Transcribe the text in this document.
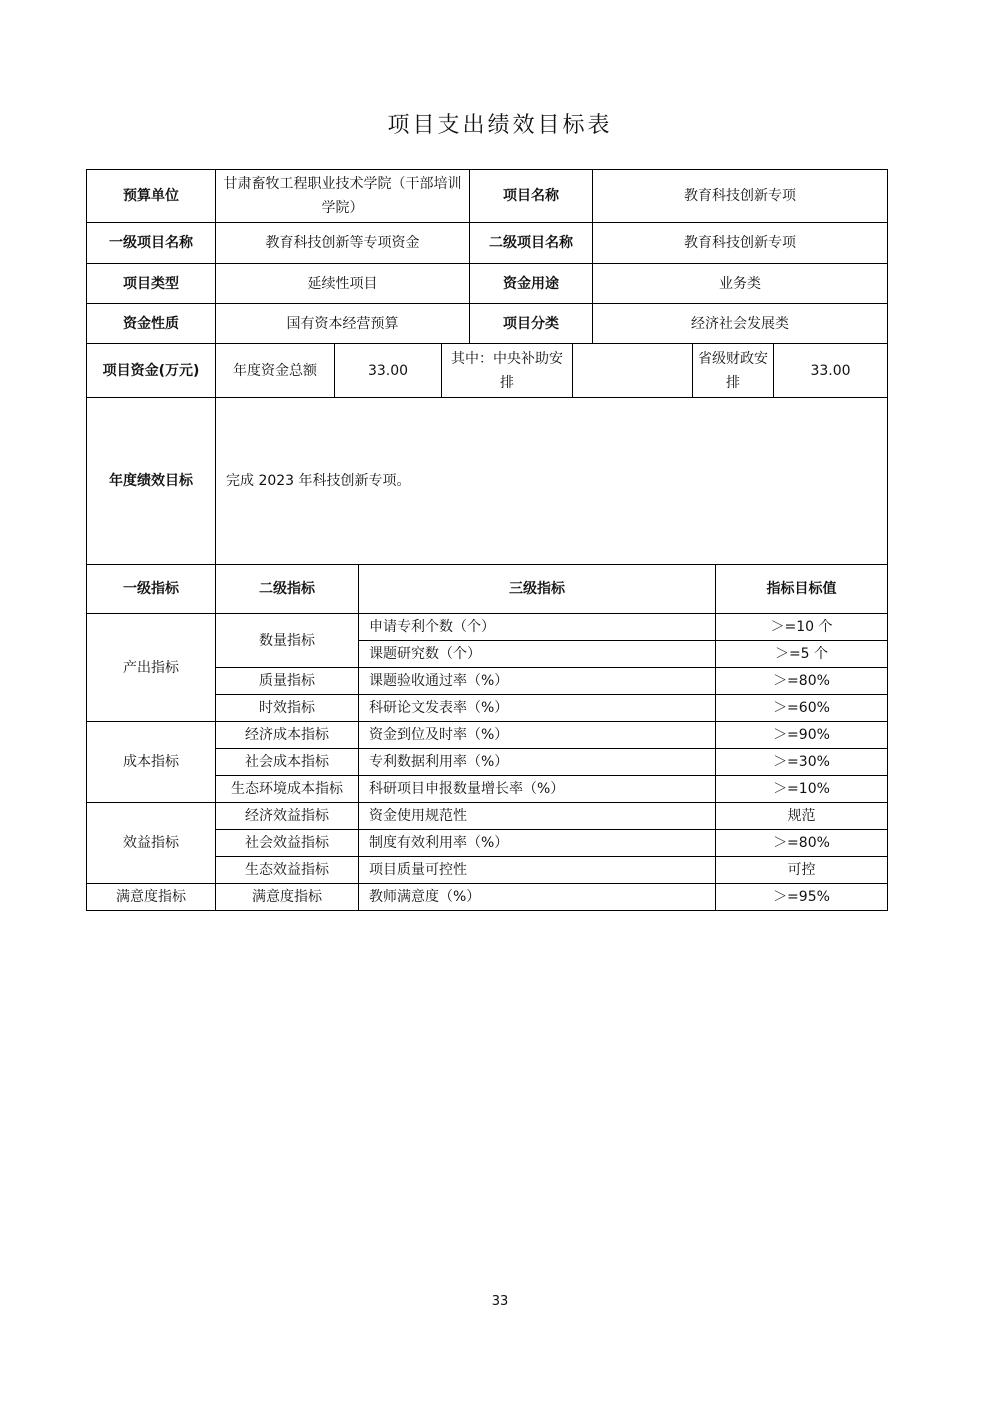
项目支出绩效目标表
预算单位	甘肃畜牧工程职业技术学院（干部培训学院）	项目名称	教育科技创新专项
一级项目名称	教育科技创新等专项资金	二级项目名称	教育科技创新专项
项目类型	延续性项目	资金用途	业务类
资金性质	国有资本经营预算	项目分类	经济社会发展类
项目资金(万元)	年度资金总额	33.00	其中：中央补助安排		省级财政安排	33.00
年度绩效目标	完成 2023 年科技创新专项。					
一级指标	二级指标	三级指标	指标目标值
产出指标	数量指标	申请专利个数（个）	＞=10 个
		课题研究数（个）	＞=5 个
	质量指标	课题验收通过率（%）	＞=80%
	时效指标	科研论文发表率（%）	＞=60%
成本指标	经济成本指标	资金到位及时率（%）	＞=90%
	社会成本指标	专利数据利用率（%）	＞=30%
	生态环境成本指标	科研项目申报数量增长率（%）	＞=10%
效益指标	经济效益指标	资金使用规范性	规范
	社会效益指标	制度有效利用率（%）	＞=80%
	生态效益指标	项目质量可控性	可控
满意度指标	满意度指标	教师满意度（%）	＞=95%
33
